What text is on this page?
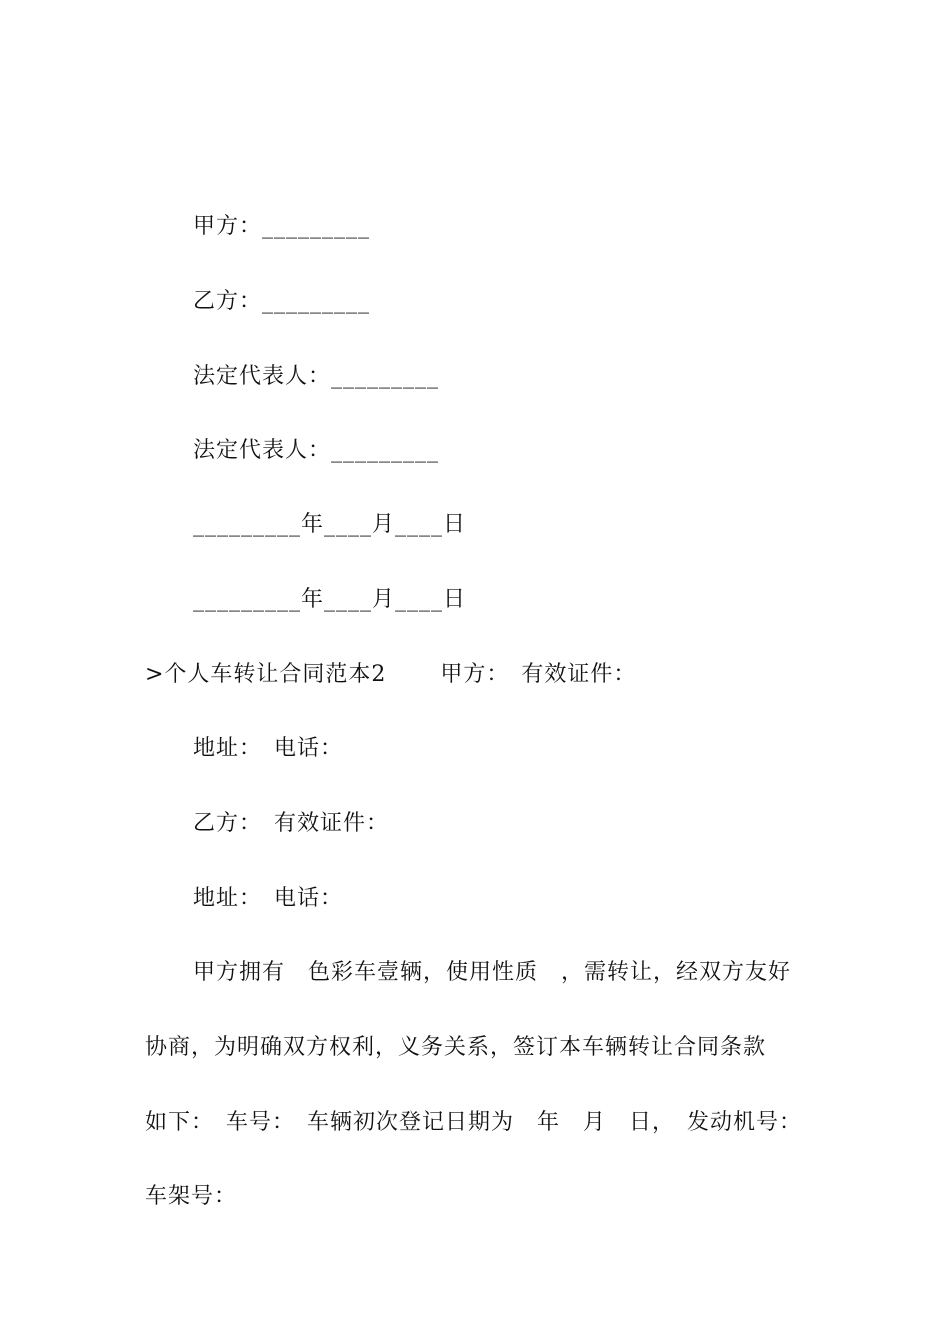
甲方：_________
乙方：_________
法定代表人：_________
法定代表人：_________
_________年____月____日
_________年____月____日
>个人车转让合同范本2　　 甲方：　有效证件：
地址：　电话：
乙方：　有效证件：
地址：　电话：
甲方拥有　色彩车壹辆，使用性质　，需转让，经双方友好
协商，为明确双方权利，义务关系，签订本车辆转让合同条款
如下：　车号：　车辆初次登记日期为　年　月　日，　发动机号：
车架号：
